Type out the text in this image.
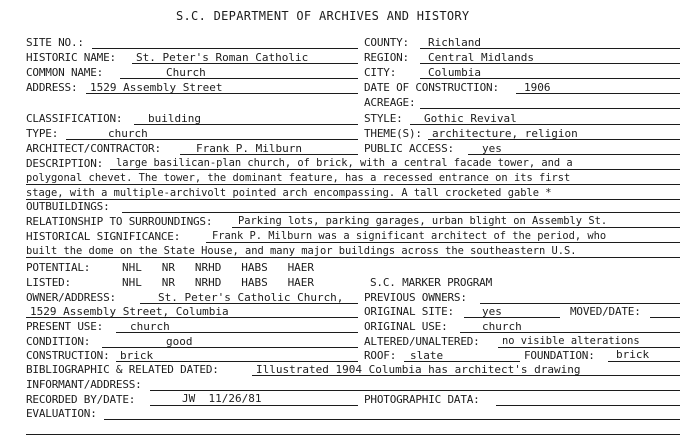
S.C. DEPARTMENT OF ARCHIVES AND HISTORY
SITE NO.:	COUNTY: Richland
HISTORIC NAME: St. Peter's Roman Catholic	REGION: Central Midlands
COMMON NAME:	Church	CITY:	Columbia
ADDRESS: 1529 Assembly Street	DATE OF CONSTRUCTION: 1906
ACREAGE:
CLASSIFICATION: building	STYLE: Gothic Revival
TYPE:	church	THEME(S): architecture, religion
ARCHITECT/CONTRACTOR:	Frank P. Milburn	PUBLIC ACCESS:	yes
DESCRIPTION: large basilican-plan church, of brick, with a central facade tower, and a
polygonal chevet. The tower, the dominant feature, has a recessed entrance on its first
stage, with a multiple-archivolt pointed arch encompassing. A tall crocketed gable *
OUTBUILDINGS:
RELATIONSHIP TO SURROUNDINGS: Parking lots, parking garages, urban blight on Assembly St.
HISTORICAL SIGNIFICANCE:	Frank P. Milburn was a significant architect of the period, who
built the dome on the State House, and many major buildings across the southeastern U.S.
POTENTIAL:	NHL   NR   NRHD   HABS   HAER
LISTED:	NHL   NR   NRHD   HABS   HAER	S.C. MARKER PROGRAM
OWNER/ADDRESS:	St. Peter's Catholic Church, PREVIOUS OWNERS:
1529 Assembly Street, Columbia	ORIGINAL SITE:	yes	MOVED/DATE:
PRESENT USE: church	ORIGINAL USE:	church
CONDITION:	good	ALTERED/UNALTERED: no visible alterations
CONSTRUCTION: brick	ROOF: slate	FOUNDATION: brick
BIBLIOGRAPHIC & RELATED DATED:	Illustrated 1904 Columbia has architect's drawing
INFORMANT/ADDRESS:
RECORDED BY/DATE:	JW  11/26/81	PHOTOGRAPHIC DATA:
EVALUATION:
